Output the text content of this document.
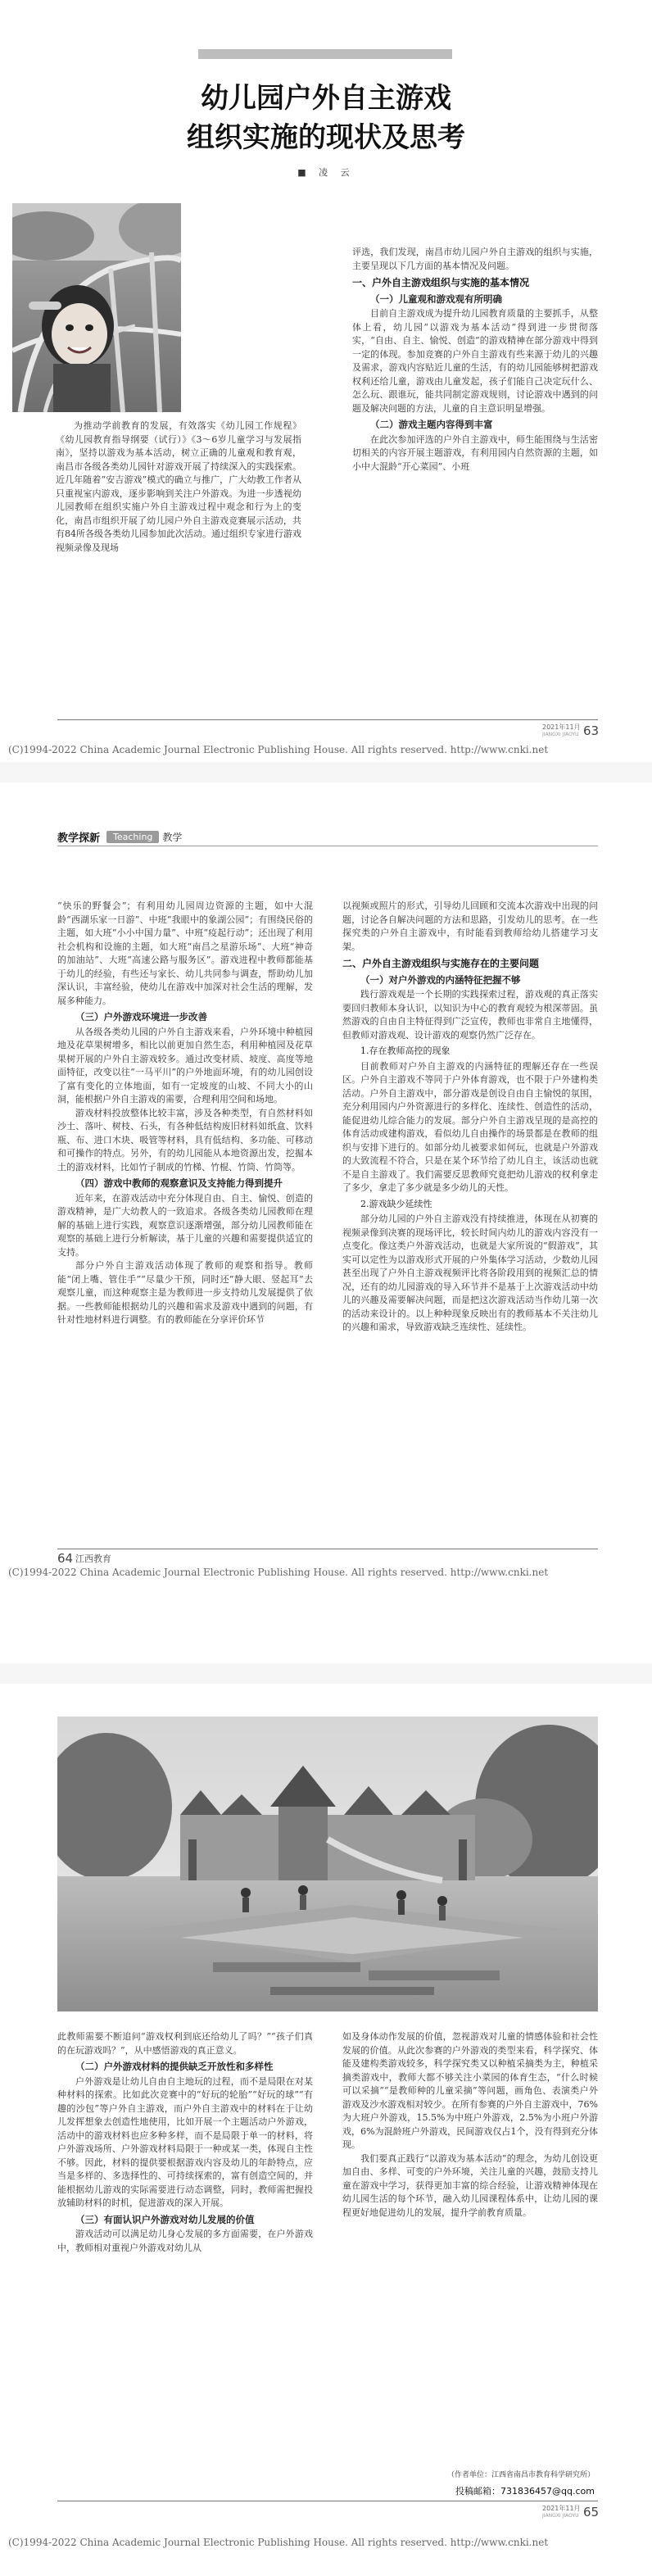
幼儿园户外自主游戏
组织实施的现状及思考
■ 凌 云

为推动学前教育的发展，有效落实《幼儿园工作规程》《幼儿园教育指导纲要（试行）》《3～6岁儿童学习与发展指南》，坚持以游戏为基本活动，树立正确的儿童观和教育观，南昌市各级各类幼儿园针对游戏开展了持续深入的实践探索。近几年随着“安吉游戏”模式的确立与推广，广大幼教工作者从只重视室内游戏，逐步影响到关注户外游戏。为进一步透视幼儿园教师在组织实施户外自主游戏过程中观念和行为上的变化，南昌市组织开展了幼儿园户外自主游戏竞赛展示活动，共有84所各级各类幼儿园参加此次活动。通过组织专家进行游戏视频录像及现场

评选，我们发现，南昌市幼儿园户外自主游戏的组织与实施，主要呈现以下几方面的基本情况及问题。

一、户外自主游戏组织与实施的基本情况
（一）儿童观和游戏观有所明确

目前自主游戏成为提升幼儿园教育质量的主要抓手，从整体上看，幼儿园“以游戏为基本活动”得到进一步贯彻落实，“自由、自主、愉悦、创造”的游戏精神在部分游戏中得到一定的体现。参加竞赛的户外自主游戏有些来源于幼儿的兴趣及需求，游戏内容贴近儿童的生活，有的幼儿园能够树把游戏权利还给儿童，游戏由儿童发起，孩子们能自己决定玩什么、怎么玩、跟谁玩，能共同制定游戏规则，讨论游戏中遇到的问题及解决问题的方法，儿童的自主意识明显增强。

（二）游戏主题内容得到丰富

在此次参加评选的户外自主游戏中，师生能围绕与生活密切相关的内容开展主题游戏，有利用园内自然资源的主题，如小中大混龄“开心菜园”、小班

2021年11月
JIANGXI JIAOYU 63
(C)1994-2022 China Academic Journal Electronic Publishing House. All rights reserved. http://www.cnki.net
教学探新	Teaching	教学

“快乐的野餐会”；有利用幼儿园周边资源的主题，如中大混龄“西湖乐家一日游”、中班“我眼中的象湖公园”；有围绕民俗的主题，如大班“小小中国力量”、中班“疫起行动”；还出现了利用社会机构和设施的主题，如大班“南昌之星游乐场”、大班“神奇的加油站”、大班“高速公路与服务区”。游戏进程中教师都能基于幼儿的经验，有些还与家长、幼儿共同参与调查，帮助幼儿加深认识，丰富经验，使幼儿在游戏中加深对社会生活的理解，发展多种能力。

（三）户外游戏环境进一步改善

从各级各类幼儿园的户外自主游戏来看，户外环境中种植园地及花草果树增多，相比以前更加自然生态，利用种植园及花草果树开展的户外自主游戏较多。通过改变材质、坡度、高度等地面特征，改变以往“一马平川”的户外地面环境，有的幼儿园创设了富有变化的立体地面，如有一定坡度的山坡、不同大小的山洞，能根据户外自主游戏的需要，合理利用空间和场地。

游戏材料投放整体比较丰富，涉及各种类型，有自然材料如沙土、落叶、树枝、石头，有各种低结构废旧材料如纸盒、饮料瓶、布、进口木块、吸管等材料，具有低结构、多功能、可移动和可操作的特点。另外，有的幼儿园能从本地资源出发，挖掘本土的游戏材料，比如竹子制成的竹梯、竹棍、竹筒、竹筒等。

（四）游戏中教师的观察意识及支持能力得到提升

近年来，在游戏活动中充分体现自由、自主、愉悦、创造的游戏精神，是广大幼教人的一致追求。各级各类幼儿园教师在理解的基础上进行实践，观察意识逐渐增强，部分幼儿园教师能在观察的基础上进行分析解读，基于儿童的兴趣和需要提供适宜的支持。

部分户外自主游戏活动体现了教师的观察和指导。教师能“闭上嘴、管住手”“尽量少干预，同时还”静大眼、竖起耳”去观察儿童，而这种观察主是为教师进一步支持幼儿发展提供了依据。一些教师能根据幼儿的兴趣和需求及游戏中遇到的问题，有针对性地材料进行调整。有的教师能在分享评价环节

以视频或照片的形式，引导幼儿回顾和交流本次游戏中出现的问题，讨论各自解决问题的方法和思路，引发幼儿的思考。在一些探究类的户外自主游戏中，有时能看到教师给幼儿搭建学习支架。

二、户外自主游戏组织与实施存在的主要问题
（一）对户外游戏的内涵特征把握不够

践行游戏观是一个长期的实践探索过程，游戏观的真正落实要回归教师本身认识，以知识为中心的教育观较为根深蒂固。虽然游戏的自由自主特征得到广泛宣传，教师也非常自主地懂得，但教师对游戏观、设计游戏的观察仍然广泛存在。

1.存在教师高控的现象

目前教师对户外自主游戏的内涵特征的理解还存在一些误区。户外自主游戏不等同于户外体育游戏，也不限于户外建构类活动。户外自主游戏中，部分游戏是创设自由自主愉悦的氛围，充分利用园内户外资源进行的多样化、连续性、创造性的活动，能促进幼儿综合能力的发展。部分户外自主游戏呈现的是高控的体育活动或建构游戏，看似幼儿自由操作的场景都是在教师的组织与安排下进行的。如部分幼儿被要求如何玩，也就是户外游戏的大致流程不符合，只是在某个环节给了幼儿自主，该活动也就不是自主游戏了。我们需要反思教师究竟把幼儿游戏的权利拿走了多少，拿走了多少就是多少幼儿的天性。

2.游戏缺少延续性

部分幼儿园的户外自主游戏没有持续推进，体现在从初赛的视频录像到决赛的现场评比，较长时间内幼儿的游戏内容没有一点变化。像这类户外游戏活动，也就是大家所说的“假游戏”，其实可以定性为以游戏形式开展的户外集体学习活动，少数幼儿园甚至出现了户外自主游戏视频评比将各阶段用到的视频汇总的情况，还有的幼儿园游戏的导入环节并不是基于上次游戏活动中幼儿的兴趣及需要解决问题，而是把这次游戏活动当作幼儿第一次的活动来设计的。以上种种现象反映出有的教师基本不关注幼儿的兴趣和需求，导致游戏缺乏连续性、延续性。

64 江西教育
(C)1994-2022 China Academic Journal Electronic Publishing House. All rights reserved. http://www.cnki.net

此教师需要不断追问“游戏权利到底还给幼儿了吗？”“孩子们真的在玩游戏吗？”，从中感悟游戏的真正意义。

（二）户外游戏材料的提供缺乏开放性和多样性

户外游戏是让幼儿自由自主地玩的过程，而不是局限在对某种材料的探索。比如此次竞赛中的“好玩的轮胎”“好玩的球”“有趣的沙包”等户外自主游戏，而户外自主游戏中的材料在于让幼儿发挥想象去创造性地使用，比如开展一个主题活动户外游戏，活动中的游戏材料也应多种多样，而不是局限于单一的材料，将户外游戏场所、户外游戏材料局限于一种或某一类，体现自主性不够。因此，材料的提供要根据游戏内容及幼儿的年龄特点，应当是多样的、多选择性的、可持续探索的，富有创造空间的，并能根据幼儿游戏的实际需要进行动态调整，同时，教师需把握投放辅助材料的时机，促进游戏的深入开展。

（三）有面认识户外游戏对幼儿发展的价值

游戏活动可以满足幼儿身心发展的多方面需要，在户外游戏中，教师相对重视户外游戏对幼儿从

如及身体动作发展的价值，忽视游戏对儿童的情感体验和社会性发展的价值。从此次参赛的户外游戏的类型来看，科学探究、体能及建构类游戏较多，科学探究类又以种植采摘类为主，种植采摘类游戏中，教师大都不够关注小菜园的体育生态，“什么时候可以采摘”“是教师种的儿童采摘”等问题，画角色、表演类户外游戏及沙水游戏相对较少。在所有参赛的户外自主游戏中，76%为大班户外游戏，15.5%为中班户外游戏，2.5%为小班户外游戏，6%为混龄班户外游戏，民间游戏仅占1个，没有得到充分体现。

我们要真正践行“以游戏为基本活动”的理念，为幼儿创设更加自由、多样、可变的户外环境，关注儿童的兴趣，鼓励支持儿童在游戏中学习，获得更加丰富的综合经验，让游戏精神体现在幼儿园生活的每个环节，融入幼儿园课程体系中，让幼儿园的课程更好地促进幼儿的发展，提升学前教育质量。

（作者单位：江西省南昌市教育科学研究所）
投稿邮箱：731836457@qq.com
2021年11月
JIANGXI JIAOYU 65
(C)1994-2022 China Academic Journal Electronic Publishing House. All rights reserved. http://www.cnki.net
